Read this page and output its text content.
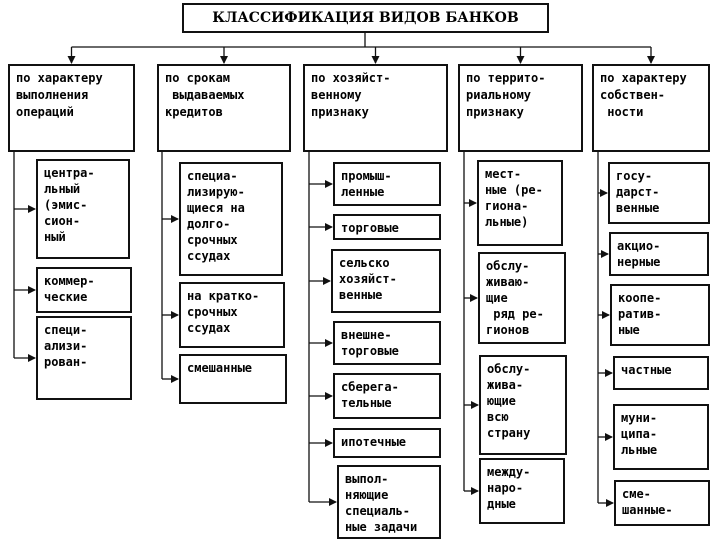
КЛАССИФИКАЦИЯ ВИДОВ БАНКОВ
по характеру
выполнения
операций
центра-
льный
(эмис-
сион-
ный
коммер-
ческие
специ-
ализи-
рован-
по срокам
выдаваемых
кредитов
специа-
лизирую-
щиеся на
долго-
срочных
ссудах
на кратко-
срочных
ссудах
смешанные
по хозяйст-
венному
признаку
промыш-
ленные
торговые
сельско
хозяйст-
венные
внешне-
торговые
сберега-
тельные
ипотечные
выпол-
няющие
специаль-
ные задачи
по террито-
риальному
признаку
мест-
ные (ре-
гиона-
льные)
обслу-
живаю-
щие
ряд ре-
гионов
обслу-
жива-
ющие
всю
страну
между-
наро-
дные
по характеру
собствен-
ности
госу-
дарст-
венные
акцио-
нерные
коопе-
ратив-
ные
частные
муни-
ципа-
льные
сме-
шанные-
